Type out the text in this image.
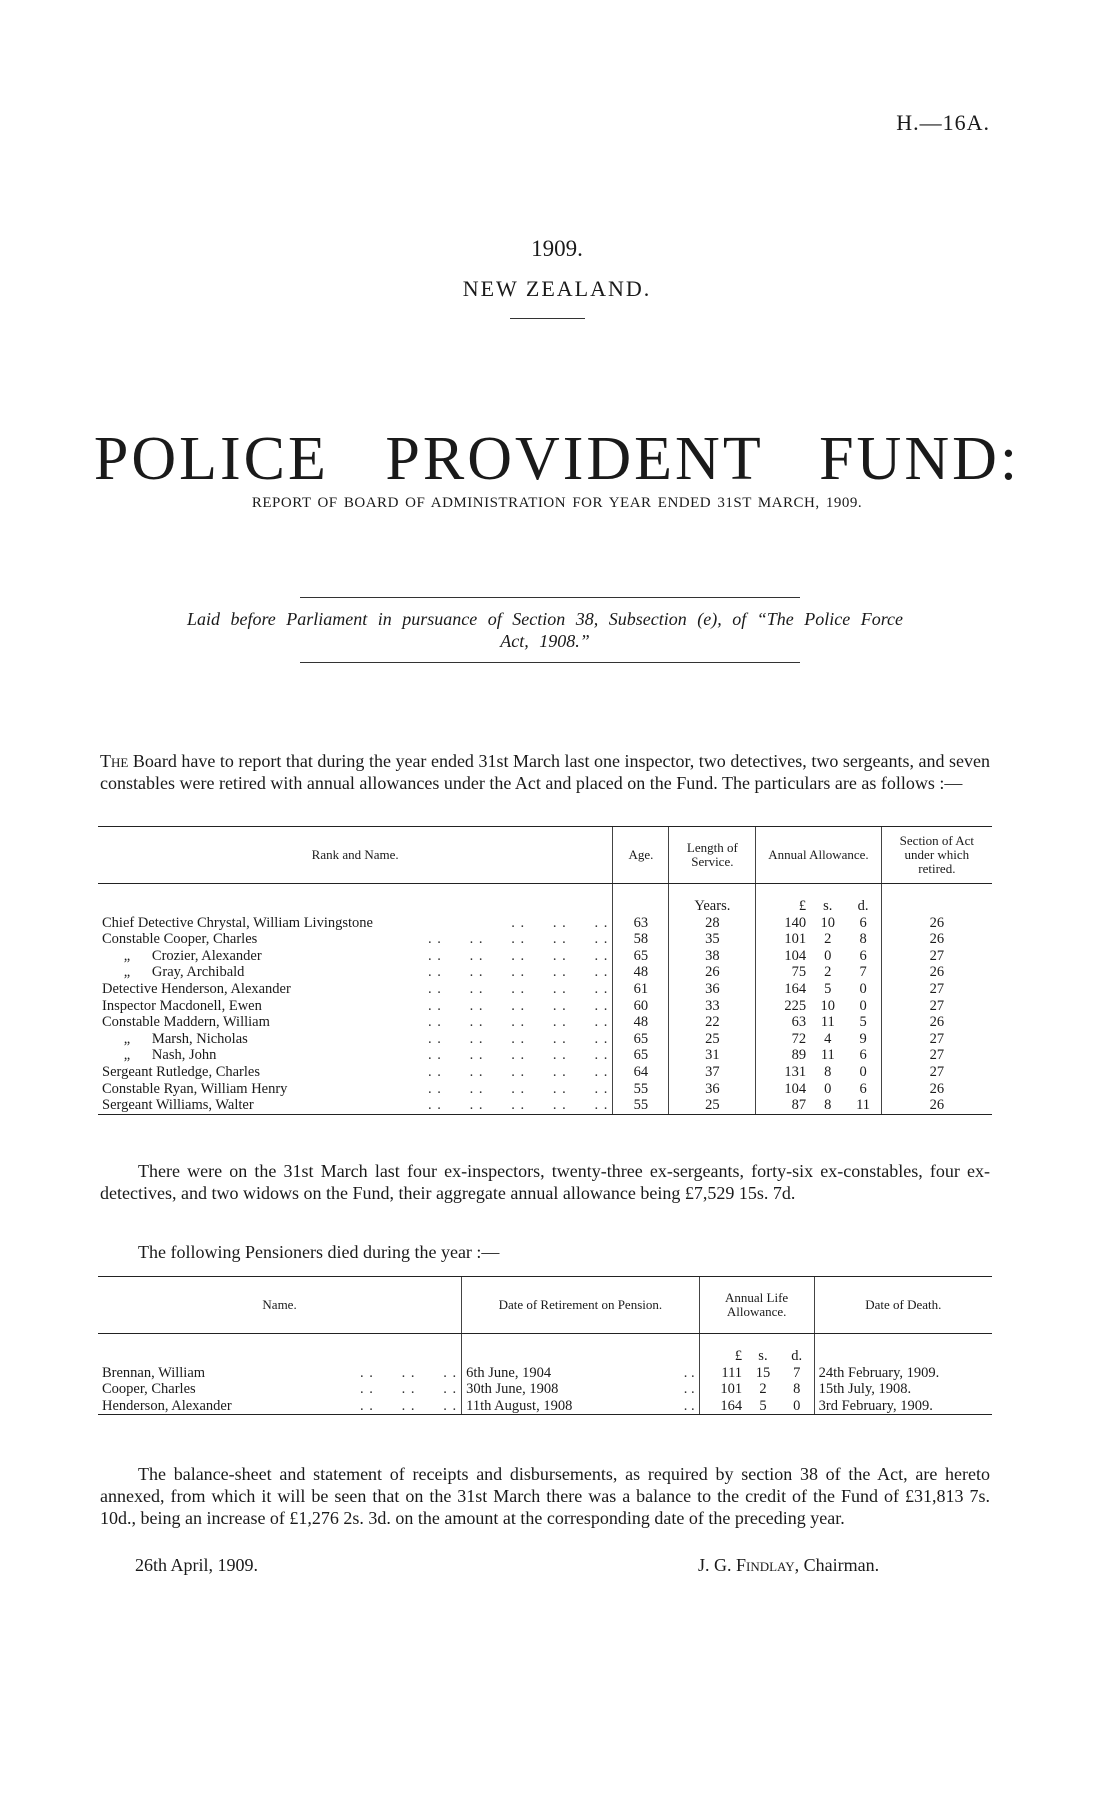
H.—16A.
1909.
NEW ZEALAND.
POLICE PROVIDENT FUND:
REPORT OF BOARD OF ADMINISTRATION FOR YEAR ENDED 31ST MARCH, 1909.
Laid before Parliament in pursuance of Section 38, Subsection (e), of “The Police Force
Act, 1908.”
The Board have to report that during the year ended 31st March last one inspector, two detectives, two sergeants, and seven constables were retired with annual allowances under the Act and placed on the Fund. The particulars are as follows :—
Rank and Name.	Age.	Length of Service.	Annual Allowance.			Section of Act under which retired.

		Years.	£	s.	d.	
Chief Detective Chrystal, William Livingstone . .      . .      . .	63	28	140	10	6	26
Constable Cooper, Charles . .      . .      . .      . .      . .	58	35	101	2	8	26
„      Crozier, Alexander . .      . .      . .      . .      . .	65	38	104	0	6	27
„      Gray, Archibald . .      . .      . .      . .      . .	48	26	75	2	7	26
Detective Henderson, Alexander . .      . .      . .      . .      . .	61	36	164	5	0	27
Inspector Macdonell, Ewen . .      . .      . .      . .      . .	60	33	225	10	0	27
Constable Maddern, William . .      . .      . .      . .      . .	48	22	63	11	5	26
„      Marsh, Nicholas . .      . .      . .      . .      . .	65	25	72	4	9	27
„      Nash, John . .      . .      . .      . .      . .	65	31	89	11	6	27
Sergeant Rutledge, Charles . .      . .      . .      . .      . .	64	37	131	8	0	27
Constable Ryan, William Henry . .      . .      . .      . .      . .	55	36	104	0	6	26
Sergeant Williams, Walter . .      . .      . .      . .      . .	55	25	87	8	11	26
There were on the 31st March last four ex-inspectors, twenty-three ex-sergeants, forty-six ex-constables, four ex-detectives, and two widows on the Fund, their aggregate annual allowance being £7,529 15s. 7d.
The following Pensioners died during the year :—
Name.	Date of Retirement on Pension.	Annual Life Allowance.			Date of Death.

		£	s.	d.	
Brennan, William . .      . .      . .	6th June, 1904 . .	111	15	7	24th February, 1909.
Cooper, Charles . .      . .      . .	30th June, 1908 . .	101	2	8	15th July, 1908.
Henderson, Alexander . .      . .      . .	11th August, 1908 . .	164	5	0	3rd February, 1909.
The balance-sheet and statement of receipts and disbursements, as required by section 38 of the Act, are hereto annexed, from which it will be seen that on the 31st March there was a balance to the credit of the Fund of £31,813 7s. 10d., being an increase of £1,276 2s. 3d. on the amount at the corresponding date of the preceding year.
26th April, 1909.	J. G. Findlay, Chairman.
